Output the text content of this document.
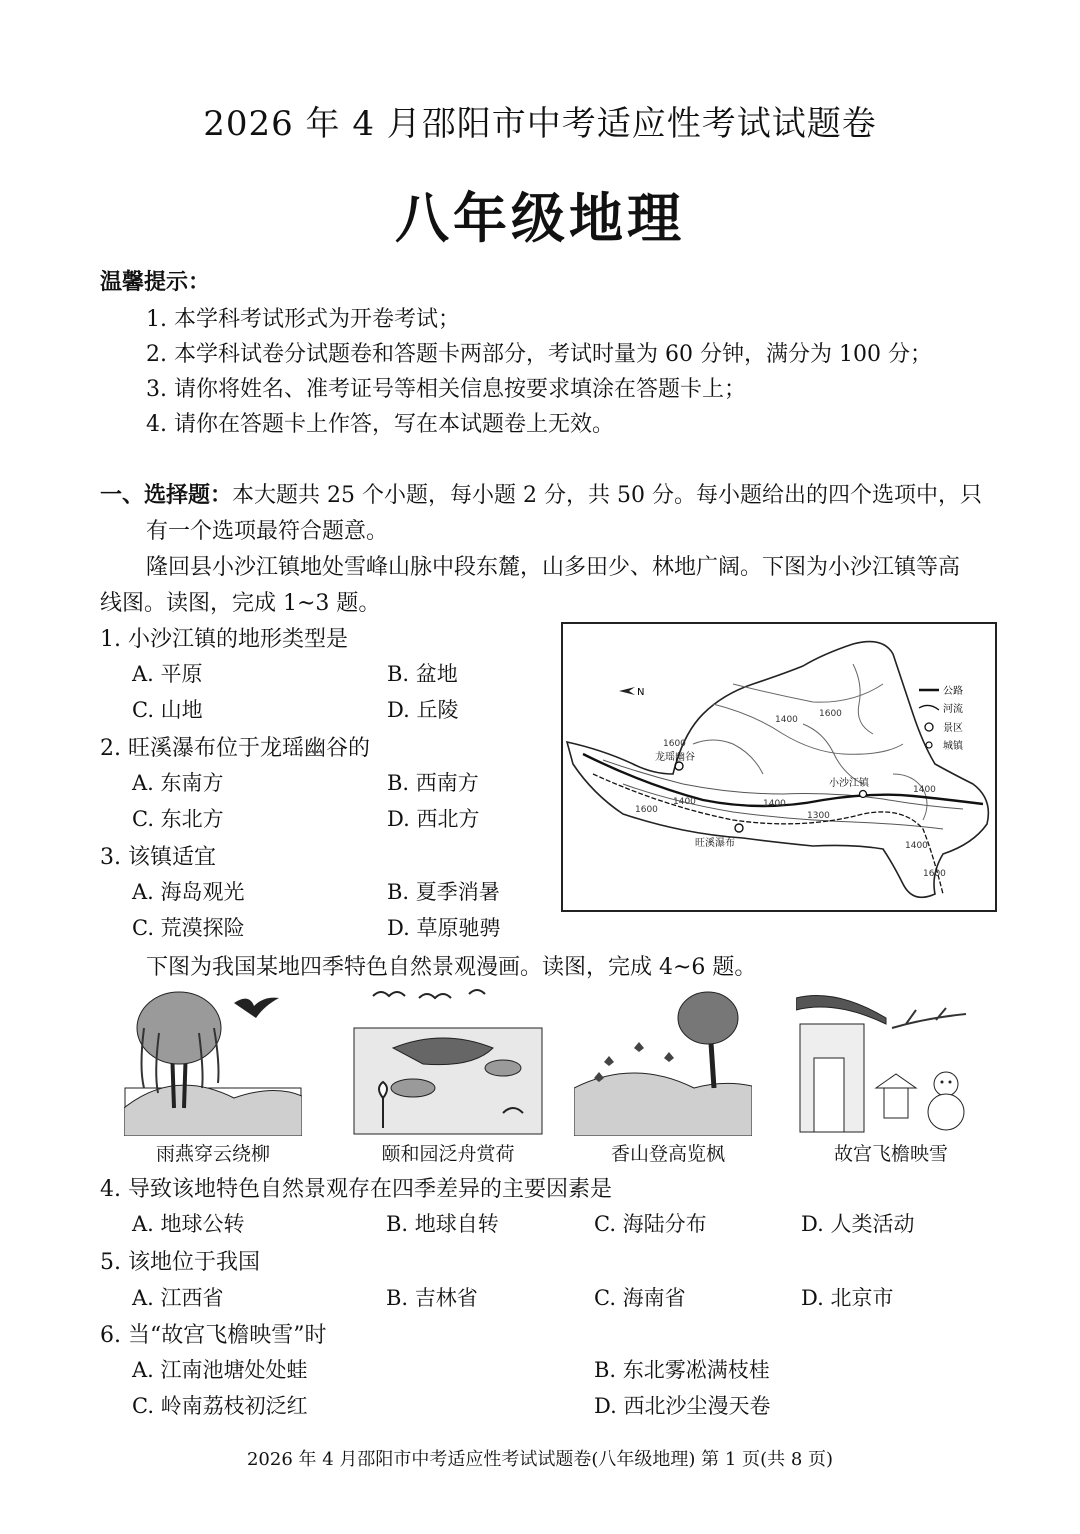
2026 年 4 月邵阳市中考适应性考试试题卷
八年级地理
温馨提示：
1. 本学科考试形式为开卷考试；
2. 本学科试卷分试题卷和答题卡两部分，考试时量为 60 分钟，满分为 100 分；
3. 请你将姓名、准考证号等相关信息按要求填涂在答题卡上；
4. 请你在答题卡上作答，写在本试题卷上无效。
一、选择题：本大题共 25 个小题，每小题 2 分，共 50 分。每小题给出的四个选项中，只
有一个选项最符合题意。
隆回县小沙江镇地处雪峰山脉中段东麓，山多田少、林地广阔。下图为小沙江镇等高
线图。读图，完成 1~3 题。
1. 小沙江镇的地形类型是
A. 平原	B. 盆地
C. 山地	D. 丘陵
2. 旺溪瀑布位于龙瑶幽谷的
A. 东南方	B. 西南方
C. 东北方	D. 西北方
3. 该镇适宜
A. 海岛观光	B. 夏季消暑
C. 荒漠探险	D. 草原驰骋
N
龙瑶幽谷
小沙江镇
旺溪瀑布
1600
1600
1400
1400
1600
1400
1300
1400
1400
1600
公路
河流
景区
城镇
下图为我国某地四季特色自然景观漫画。读图，完成 4~6 题。
雨燕穿云绕柳	颐和园泛舟赏荷	香山登高览枫	故宫飞檐映雪
4. 导致该地特色自然景观存在四季差异的主要因素是
A. 地球公转	B. 地球自转	C. 海陆分布	D. 人类活动
5. 该地位于我国
A. 江西省	B. 吉林省	C. 海南省	D. 北京市
6. 当“故宫飞檐映雪”时
A. 江南池塘处处蛙	B. 东北雾凇满枝桂
C. 岭南荔枝初泛红	D. 西北沙尘漫天卷
2026 年 4 月邵阳市中考适应性考试试题卷(八年级地理) 第 1 页(共 8 页)
